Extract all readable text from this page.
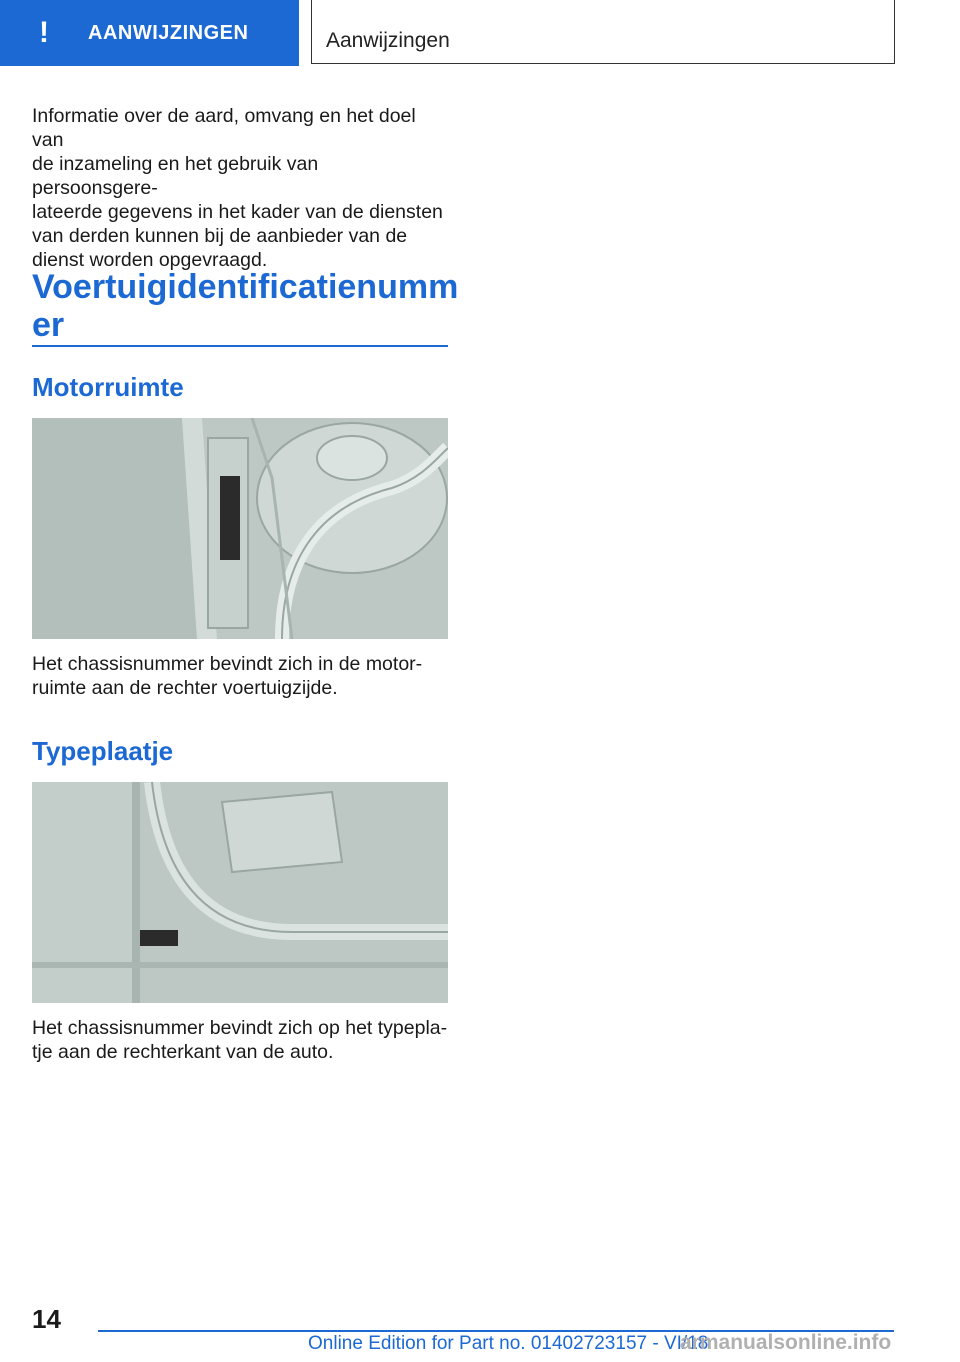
!	AANWIJZINGEN	Aanwijzingen

Informatie over de aard, omvang en het doel van

de inzameling en het gebruik van persoonsgere-

lateerde gegevens in het kader van de diensten

van derden kunnen bij de aanbieder van de

dienst worden opgevraagd.

Voertuigidentificatienumm

er

Motorruimte

Het chassisnummer bevindt zich in de motor-

ruimte aan de rechter voertuigzijde.

Typeplaatje

Het chassisnummer bevindt zich op het typepla-

tje aan de rechterkant van de auto.

14
Online Edition for Part no. 01402723157 - VI/18
armanualsonline.info
